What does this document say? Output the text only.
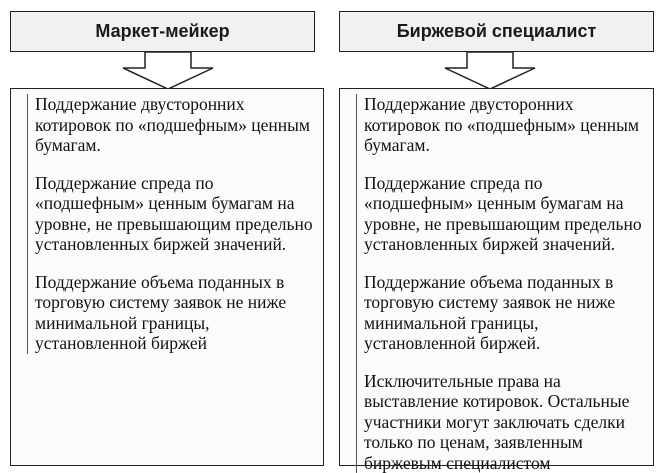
Маркет-мейкер	Биржевой специалист

Поддержание двусторонних котировок по «подшефным» ценным бумагам.

Поддержание спреда по «подшефным» ценным бумагам на уровне, не превышающим предельно установленных биржей значений.

Поддержание объема поданных в торговую систему заявок не ниже минимальной границы, установленной биржей

Поддержание двусторонних котировок по «подшефным» ценным бумагам.

Поддержание спреда по «подшефным» ценным бумагам на уровне, не превышающим предельно установленных биржей значений.

Поддержание объема поданных в торговую систему заявок не ниже минимальной границы, установленной биржей.

Исключительные права на выставление котировок. Остальные участники могут заключать сделки только по ценам, заявленным биржевым специалистом
